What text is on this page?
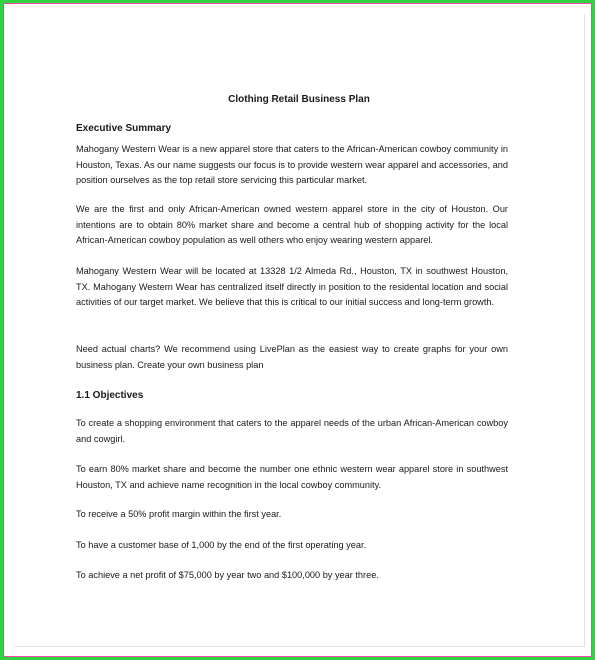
Clothing Retail Business Plan
Executive Summary

Mahogany Western Wear is a new apparel store that caters to the African-American cowboy community in Houston, Texas. As our name suggests our focus is to provide western wear apparel and accessories, and position ourselves as the top retail store servicing this particular market.

We are the first and only African-American owned western apparel store in the city of Houston. Our intentions are to obtain 80% market share and become a central hub of shopping activity for the local African-American cowboy population as well others who enjoy wearing western apparel.

Mahogany Western Wear will be located at 13328 1/2 Almeda Rd., Houston, TX in southwest Houston, TX. Mahogany Western Wear has centralized itself directly in position to the residental location and social activities of our target market. We believe that this is critical to our initial success and long-term growth.

Need actual charts? We recommend using LivePlan as the easiest way to create graphs for your own business plan. Create your own business plan

1.1 Objectives

To create a shopping environment that caters to the apparel needs of the urban African-American cowboy and cowgirl.

To earn 80% market share and become the number one ethnic western wear apparel store in southwest Houston, TX and achieve name recognition in the local cowboy community.

To receive a 50% profit margin within the first year.

To have a customer base of 1,000 by the end of the first operating year.

To achieve a net profit of $75,000 by year two and $100,000 by year three.
